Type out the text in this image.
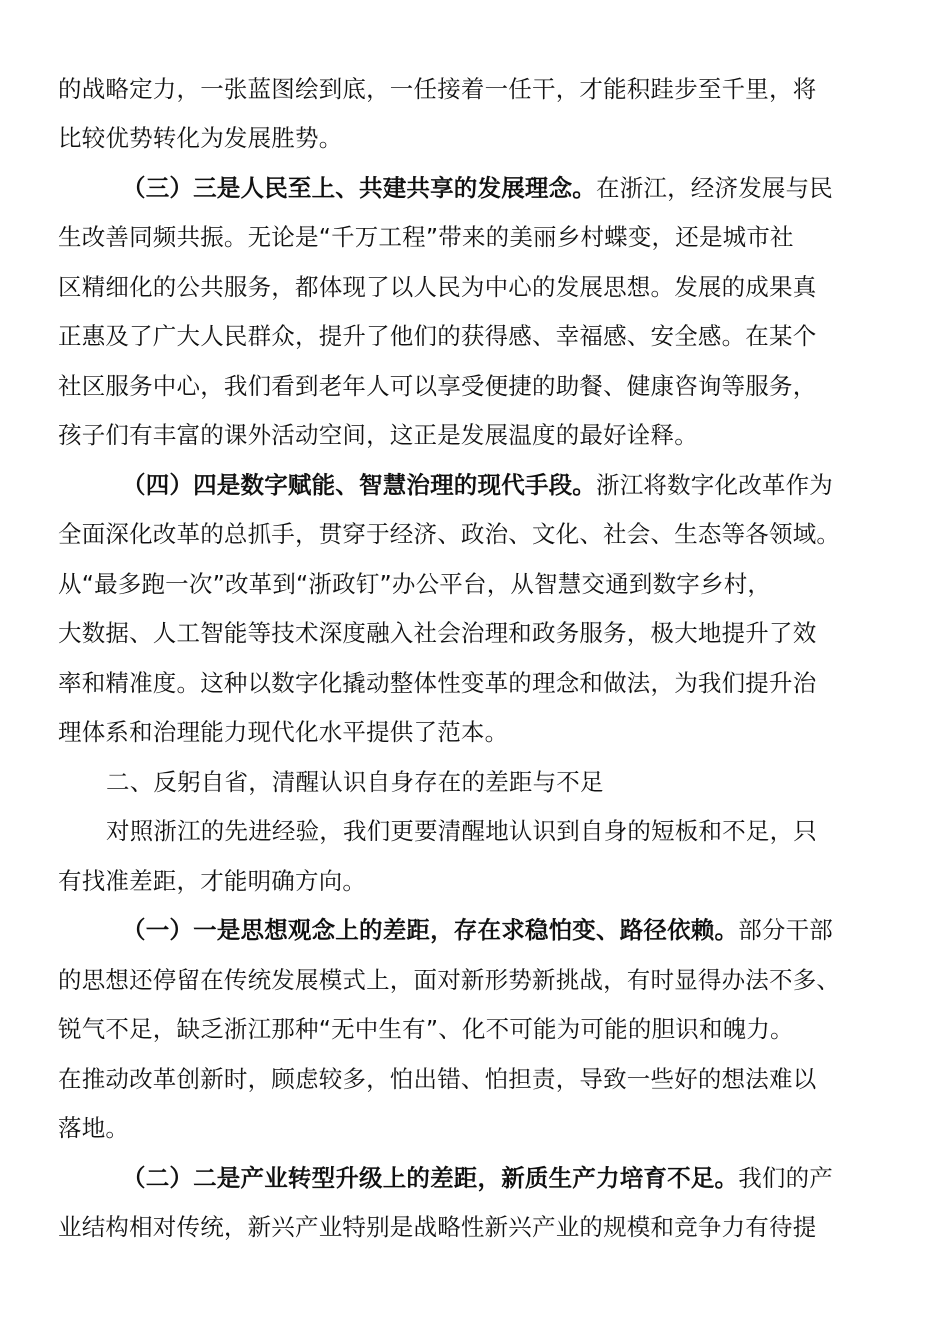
的战略定力，一张蓝图绘到底，一任接着一任干，才能积跬步至千里，将
比较优势转化为发展胜势。
（三）三是人民至上、共建共享的发展理念。在浙江，经济发展与民
生改善同频共振。无论是“千万工程”带来的美丽乡村蝶变，还是城市社
区精细化的公共服务，都体现了以人民为中心的发展思想。发展的成果真
正惠及了广大人民群众，提升了他们的获得感、幸福感、安全感。在某个
社区服务中心，我们看到老年人可以享受便捷的助餐、健康咨询等服务，
孩子们有丰富的课外活动空间，这正是发展温度的最好诠释。
（四）四是数字赋能、智慧治理的现代手段。浙江将数字化改革作为
全面深化改革的总抓手，贯穿于经济、政治、文化、社会、生态等各领域。
从“最多跑一次”改革到“浙政钉”办公平台，从智慧交通到数字乡村，
大数据、人工智能等技术深度融入社会治理和政务服务，极大地提升了效
率和精准度。这种以数字化撬动整体性变革的理念和做法，为我们提升治
理体系和治理能力现代化水平提供了范本。
二、反躬自省，清醒认识自身存在的差距与不足
对照浙江的先进经验，我们更要清醒地认识到自身的短板和不足，只
有找准差距，才能明确方向。
（一）一是思想观念上的差距，存在求稳怕变、路径依赖。部分干部
的思想还停留在传统发展模式上，面对新形势新挑战，有时显得办法不多、
锐气不足，缺乏浙江那种“无中生有”、化不可能为可能的胆识和魄力。
在推动改革创新时，顾虑较多，怕出错、怕担责，导致一些好的想法难以
落地。
（二）二是产业转型升级上的差距，新质生产力培育不足。我们的产
业结构相对传统，新兴产业特别是战略性新兴产业的规模和竞争力有待提
